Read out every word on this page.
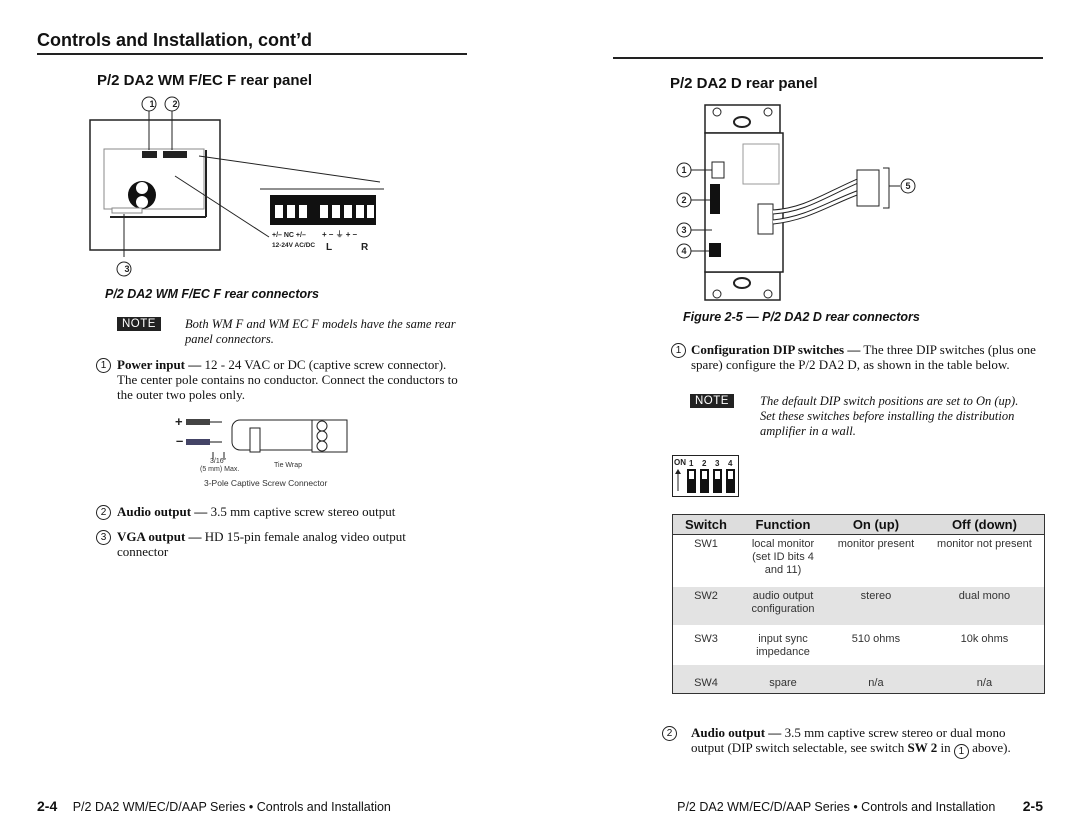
Controls and Installation, cont’d
P/2 DA2 WM F/EC F rear panel
1 2
3
+/– NC +/–
12-24V AC/DC
+ – ⏚ + –
L	R
P/2 DA2 WM F/EC F rear connectors
NOTE	Both WM F and WM EC F models have the same rear panel connectors.
1 Power input — 12 - 24 VAC or DC (captive screw connector). The center pole contains no conductor. Connect the conductors to the outer two poles only.
+
–
3/16"
(5 mm) Max.
Tie Wrap
3-Pole Captive Screw Connector
2 Audio output — 3.5 mm captive screw stereo output
3 VGA output — HD 15-pin female analog video output connector
P/2 DA2 D rear panel
1
2
3
4
5
Figure 2-5 — P/2 DA2 D rear connectors
1 Configuration DIP switches — The three DIP switches (plus one spare) configure the P/2 DA2 D, as shown in the table below.
NOTE	The default DIP switch positions are set to On (up). Set these switches before installing the distribution amplifier in a wall.
ON 1 2 3 4
Switch	Function	On (up)	Off (down)
SW1	local monitor (set ID bits 4 and 11)	monitor present	monitor not present
SW2	audio output configuration	stereo	dual mono
SW3	input sync impedance	510 ohms	10k ohms
SW4	spare	n/a	n/a
2	Audio output — 3.5 mm captive screw stereo or dual mono output (DIP switch selectable, see switch SW 2 in 1 above).
2-4 P/2 DA2 WM/EC/D/AAP Series • Controls and Installation	P/2 DA2 WM/EC/D/AAP Series • Controls and Installation 2-5
